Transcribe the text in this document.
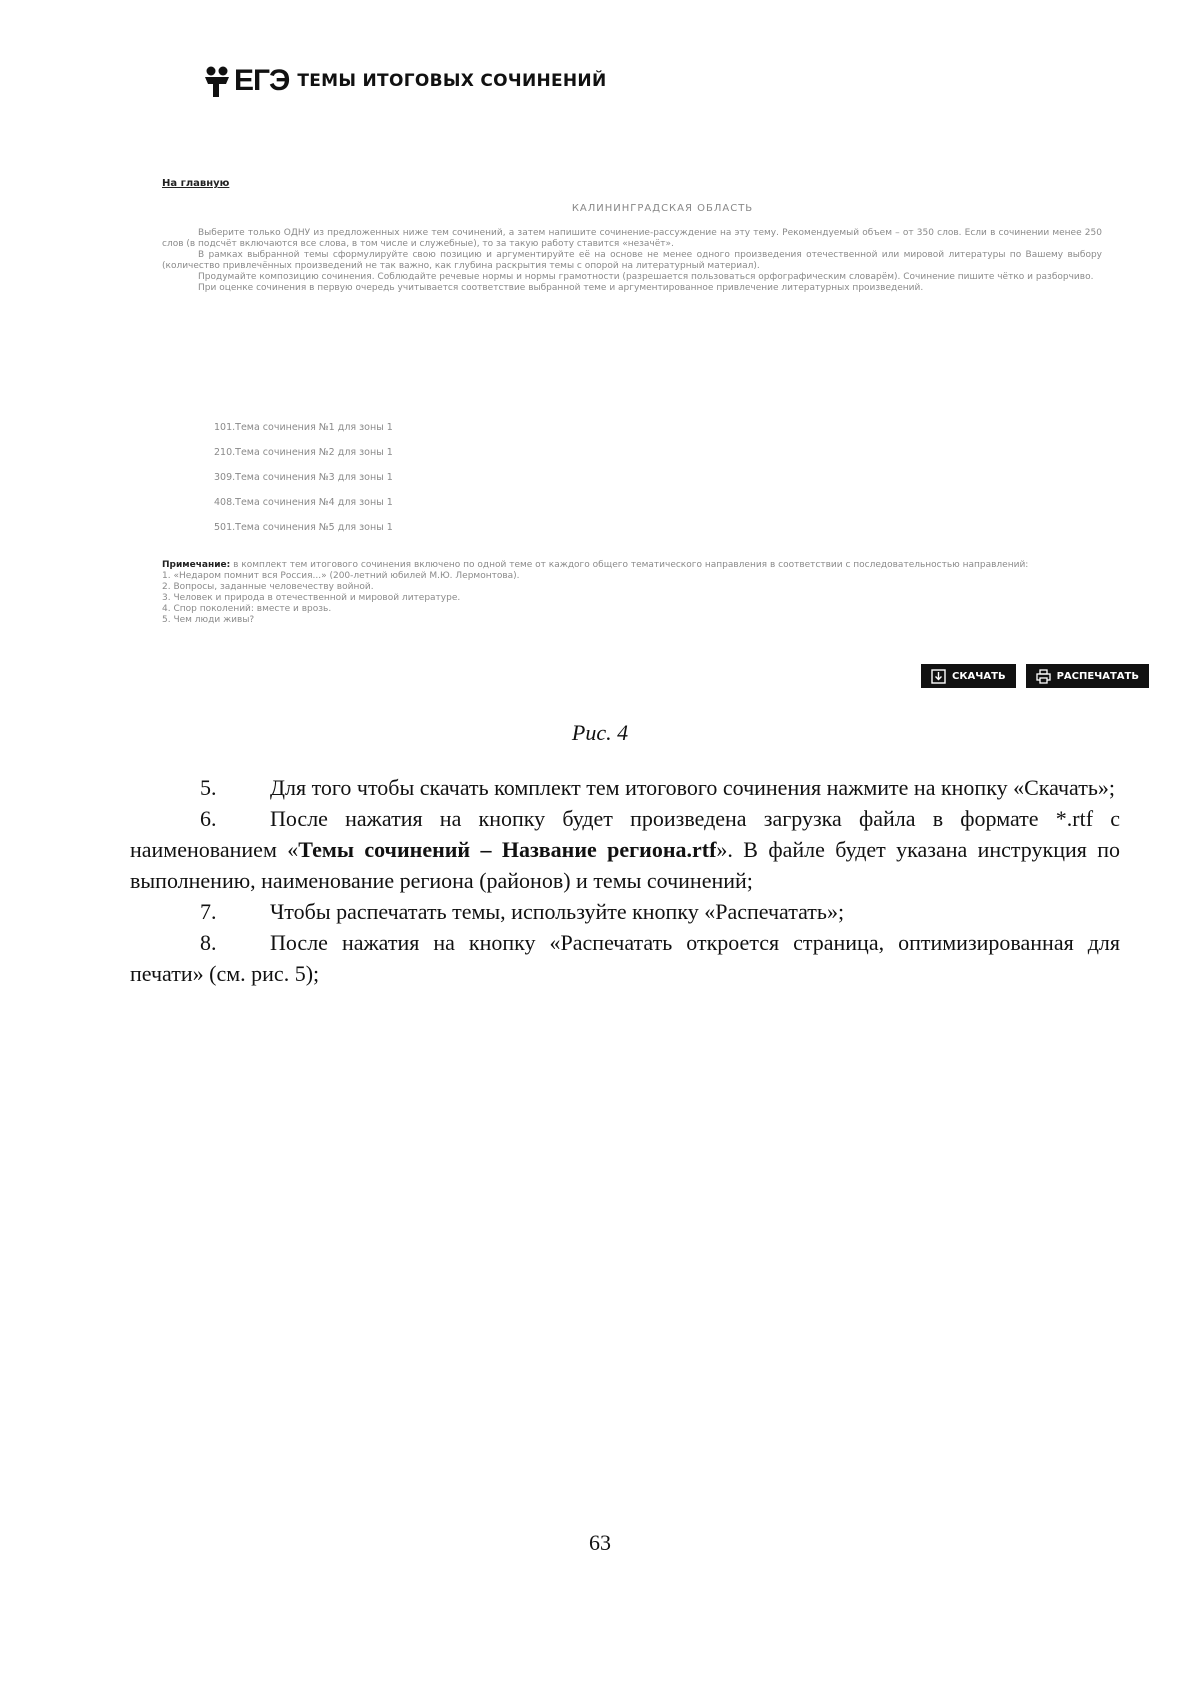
ЕГЭ ТЕМЫ ИТОГОВЫХ СОЧИНЕНИЙ
На главную
КАЛИНИНГРАДСКАЯ ОБЛАСТЬ

Выберите только ОДНУ из предложенных ниже тем сочинений, а затем напишите сочинение-рассуждение на эту тему. Рекомендуемый объем – от 350 слов. Если в сочинении менее 250 слов (в подсчёт включаются все слова, в том числе и служебные), то за такую работу ставится «незачёт».

В рамках выбранной темы сформулируйте свою позицию и аргументируйте её на основе не менее одного произведения отечественной или мировой литературы по Вашему выбору (количество привлечённых произведений не так важно, как глубина раскрытия темы с опорой на литературный материал).

Продумайте композицию сочинения. Соблюдайте речевые нормы и нормы грамотности (разрешается пользоваться орфографическим словарём). Сочинение пишите чётко и разборчиво.

При оценке сочинения в первую очередь учитывается соответствие выбранной теме и аргументированное привлечение литературных произведений.

101.Тема сочинения №1 для зоны 1
210.Тема сочинения №2 для зоны 1
309.Тема сочинения №3 для зоны 1
408.Тема сочинения №4 для зоны 1
501.Тема сочинения №5 для зоны 1
Примечание: в комплект тем итогового сочинения включено по одной теме от каждого общего тематического направления в соответствии с последовательностью направлений:
1. «Недаром помнит вся Россия...» (200-летний юбилей М.Ю. Лермонтова).
2. Вопросы, заданные человечеству войной.
3. Человек и природа в отечественной и мировой литературе.
4. Спор поколений: вместе и врозь.
5. Чем люди живы?
СКАЧАТЬ	РАСПЕЧАТАТЬ
Рис. 4

5. Для того чтобы скачать комплект тем итогового сочинения нажмите на кнопку «Скачать»;

6. После нажатия на кнопку будет произведена загрузка файла в формате *.rtf с наименованием «Темы сочинений – Название региона.rtf». В файле будет указана инструкция по выполнению, наименование региона (районов) и темы сочинений;

7. Чтобы распечатать темы, используйте кнопку «Распечатать»;

8. После нажатия на кнопку «Распечатать откроется страница, оптимизированная для печати» (см. рис. 5);

63
